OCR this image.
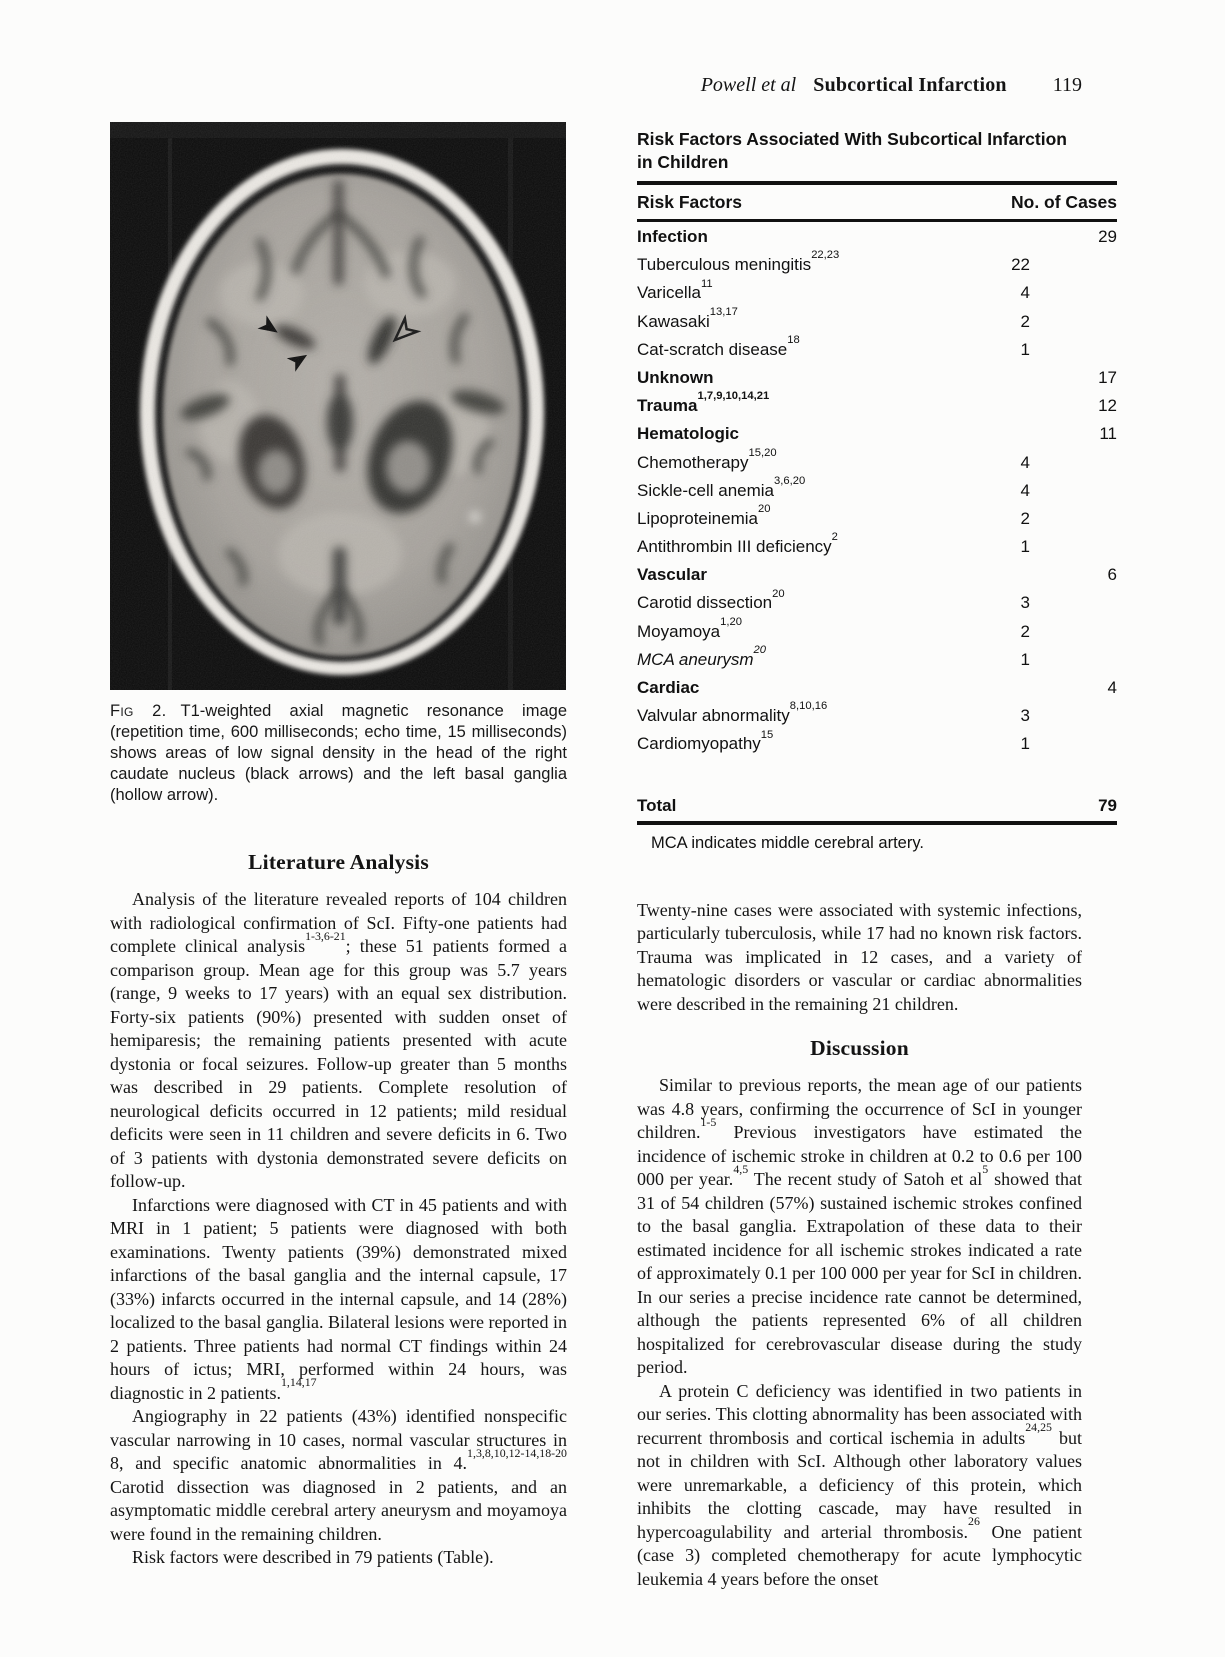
Powell et al Subcortical Infarction 119
Fig 2. T1-weighted axial magnetic resonance image (repetition time, 600 milliseconds; echo time, 15 milliseconds) shows areas of low signal density in the head of the right caudate nucleus (black arrows) and the left basal ganglia (hollow arrow).
Literature Analysis

Analysis of the literature revealed reports of 104 children with radiological confirmation of ScI. Fifty-one patients had complete clinical analysis$^{1-3,6-21}$; these 51 patients formed a comparison group. Mean age for this group was 5.7 years (range, 9 weeks to 17 years) with an equal sex distribution. Forty-six patients (90%) presented with sudden onset of hemiparesis; the remaining patients presented with acute dystonia or focal seizures. Follow-up greater than 5 months was described in 29 patients. Complete resolution of neurological deficits occurred in 12 patients; mild residual deficits were seen in 11 children and severe deficits in 6. Two of 3 patients with dystonia demonstrated severe deficits on follow-up.

Infarctions were diagnosed with CT in 45 patients and with MRI in 1 patient; 5 patients were diagnosed with both examinations. Twenty patients (39%) demonstrated mixed infarctions of the basal ganglia and the internal capsule, 17 (33%) infarcts occurred in the internal capsule, and 14 (28%) localized to the basal ganglia. Bilateral lesions were reported in 2 patients. Three patients had normal CT findings within 24 hours of ictus; MRI, performed within 24 hours, was diagnostic in 2 patients.$^{1,14,17}$

Angiography in 22 patients (43%) identified nonspecific vascular narrowing in 10 cases, normal vascular structures in 8, and specific anatomic abnormalities in 4.$^{1,3,8,10,12-14,18-20}$ Carotid dissection was diagnosed in 2 patients, and an asymptomatic middle cerebral artery aneurysm and moyamoya were found in the remaining children.

Risk factors were described in 79 patients (Table).

Risk Factors Associated With Subcortical Infarction in Children
Risk Factors	No. of Cases
Infection	29
Tuberculous meningitis$^{22,23}$	22
Varicella$^{11}$	4
Kawasaki$^{13,17}$	2
Cat-scratch disease$^{18}$	1
Unknown	17
Trauma$^{1,7,9,10,14,21}$	12
Hematologic	11
Chemotherapy$^{15,20}$	4
Sickle-cell anemia$^{3,6,20}$	4
Lipoproteinemia$^{20}$	2
Antithrombin III deficiency$^2$	1
Vascular	6
Carotid dissection$^{20}$	3
Moyamoya$^{1,20}$	2
MCA aneurysm$^{20}$	1
Cardiac	4
Valvular abnormality$^{8,10,16}$	3
Cardiomyopathy$^{15}$	1
Total	79
MCA indicates middle cerebral artery.

Twenty-nine cases were associated with systemic infections, particularly tuberculosis, while 17 had no known risk factors. Trauma was implicated in 12 cases, and a variety of hematologic disorders or vascular or cardiac abnormalities were described in the remaining 21 children.

Discussion

Similar to previous reports, the mean age of our patients was 4.8 years, confirming the occurrence of ScI in younger children.$^{1-5}$ Previous investigators have estimated the incidence of ischemic stroke in children at 0.2 to 0.6 per 100 000 per year.$^{4,5}$ The recent study of Satoh et $al^5$ showed that 31 of 54 children (57%) sustained ischemic strokes confined to the basal ganglia. Extrapolation of these data to their estimated incidence for all ischemic strokes indicated a rate of approximately 0.1 per 100 000 per year for ScI in children. In our series a precise incidence rate cannot be determined, although the patients represented 6% of all children hospitalized for cerebrovascular disease during the study period.

A protein C deficiency was identified in two patients in our series. This clotting abnormality has been associated with recurrent thrombosis and cortical ischemia in adults$^{24,25}$ but not in children with ScI. Although other laboratory values were unremarkable, a deficiency of this protein, which inhibits the clotting cascade, may have resulted in hypercoagulability and arterial thrombosis.$^{26}$ One patient (case 3) completed chemotherapy for acute lymphocytic leukemia 4 years before the onset
